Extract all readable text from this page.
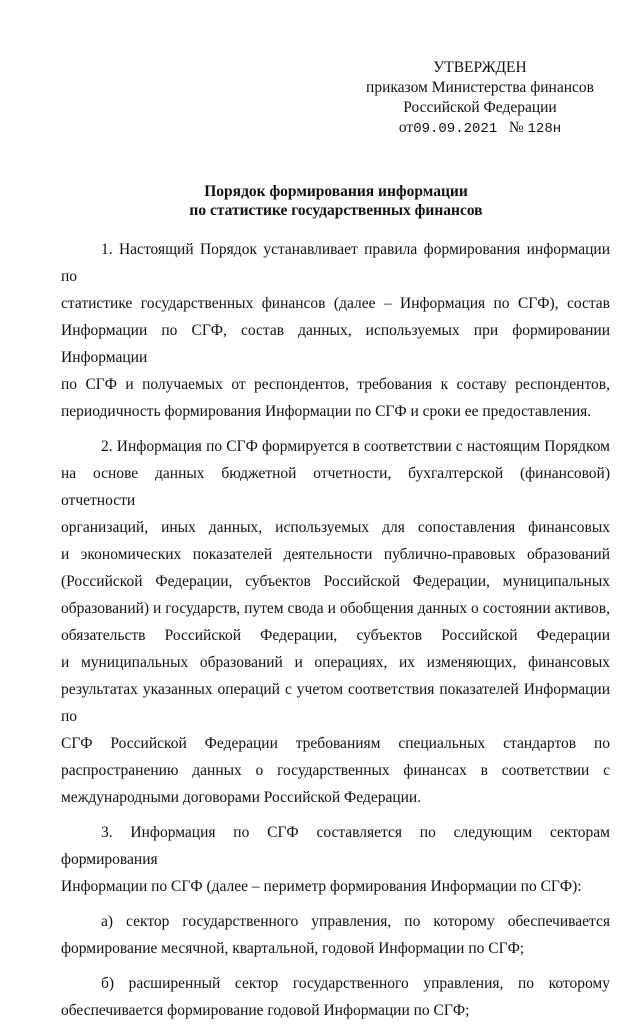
УТВЕРЖДЕН
приказом Министерства финансов
Российской Федерации
от09.09.2021 № 128н
Порядок формирования информации
по статистике государственных финансов
1. Настоящий Порядок устанавливает правила формирования информации по
статистике государственных финансов (далее – Информация по СГФ), состав
Информации по СГФ, состав данных, используемых при формировании Информации
по СГФ и получаемых от респондентов, требования к составу респондентов,
периодичность формирования Информации по СГФ и сроки ее предоставления.
2. Информация по СГФ формируется в соответствии с настоящим Порядком
на основе данных бюджетной отчетности, бухгалтерской (финансовой) отчетности
организаций, иных данных, используемых для сопоставления финансовых
и экономических показателей деятельности публично-правовых образований
(Российской Федерации, субъектов Российской Федерации, муниципальных
образований) и государств, путем свода и обобщения данных о состоянии активов,
обязательств Российской Федерации, субъектов Российской Федерации
и муниципальных образований и операциях, их изменяющих, финансовых
результатах указанных операций с учетом соответствия показателей Информации по
СГФ Российской Федерации требованиям специальных стандартов по
распространению данных о государственных финансах в соответствии с
международными договорами Российской Федерации.
3. Информация по СГФ составляется по следующим секторам формирования
Информации по СГФ (далее – периметр формирования Информации по СГФ):
а) сектор государственного управления, по которому обеспечивается
формирование месячной, квартальной, годовой Информации по СГФ;
б) расширенный сектор государственного управления, по которому
обеспечивается формирование годовой Информации по СГФ;
